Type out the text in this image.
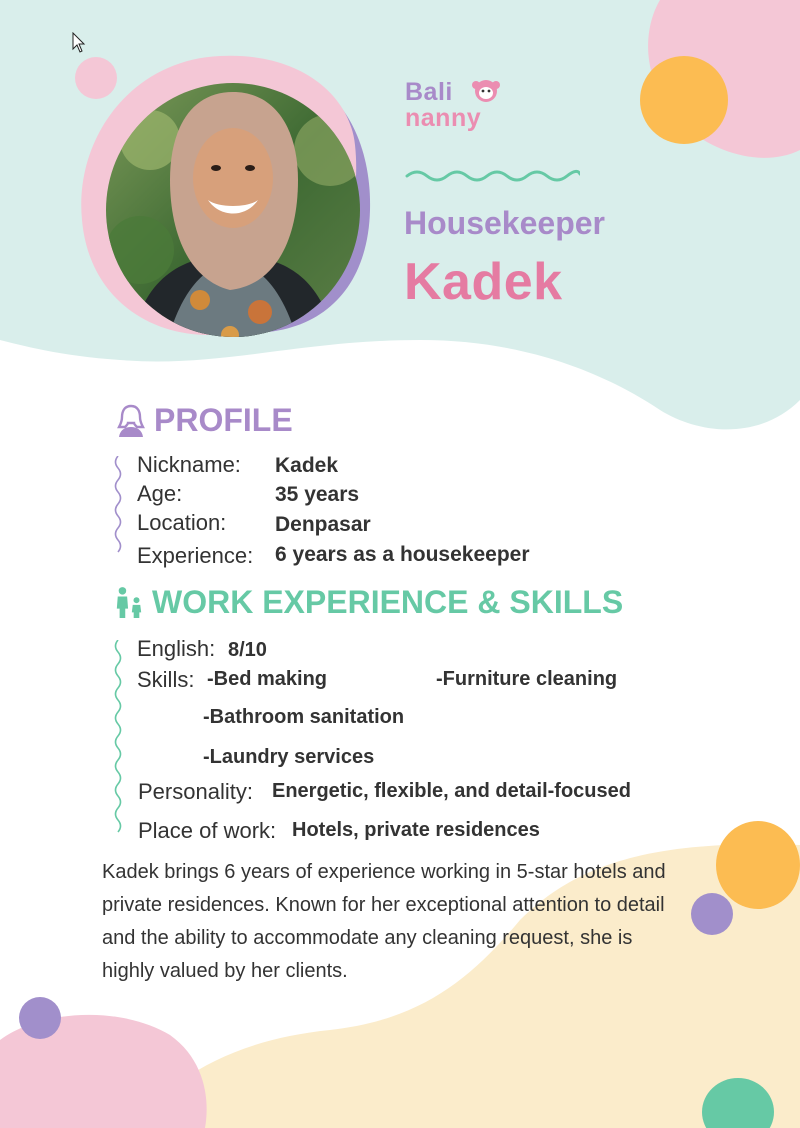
Bali
nanny
Housekeeper
Kadek
PROFILE
Nickname: Kadek
Age:	35 years
Location: Denpasar
Experience: 6 years as a housekeeper
WORK EXPERIENCE & SKILLS
English: 8/10
Skills: -Bed making	-Furniture cleaning
-Bathroom sanitation
-Laundry services
Personality: Energetic, flexible, and detail-focused
Place of work: Hotels, private residences
Kadek brings 6 years of experience working in 5-star hotels and
private residences. Known for her exceptional attention to detail
and the ability to accommodate any cleaning request, she is
highly valued by her clients.
